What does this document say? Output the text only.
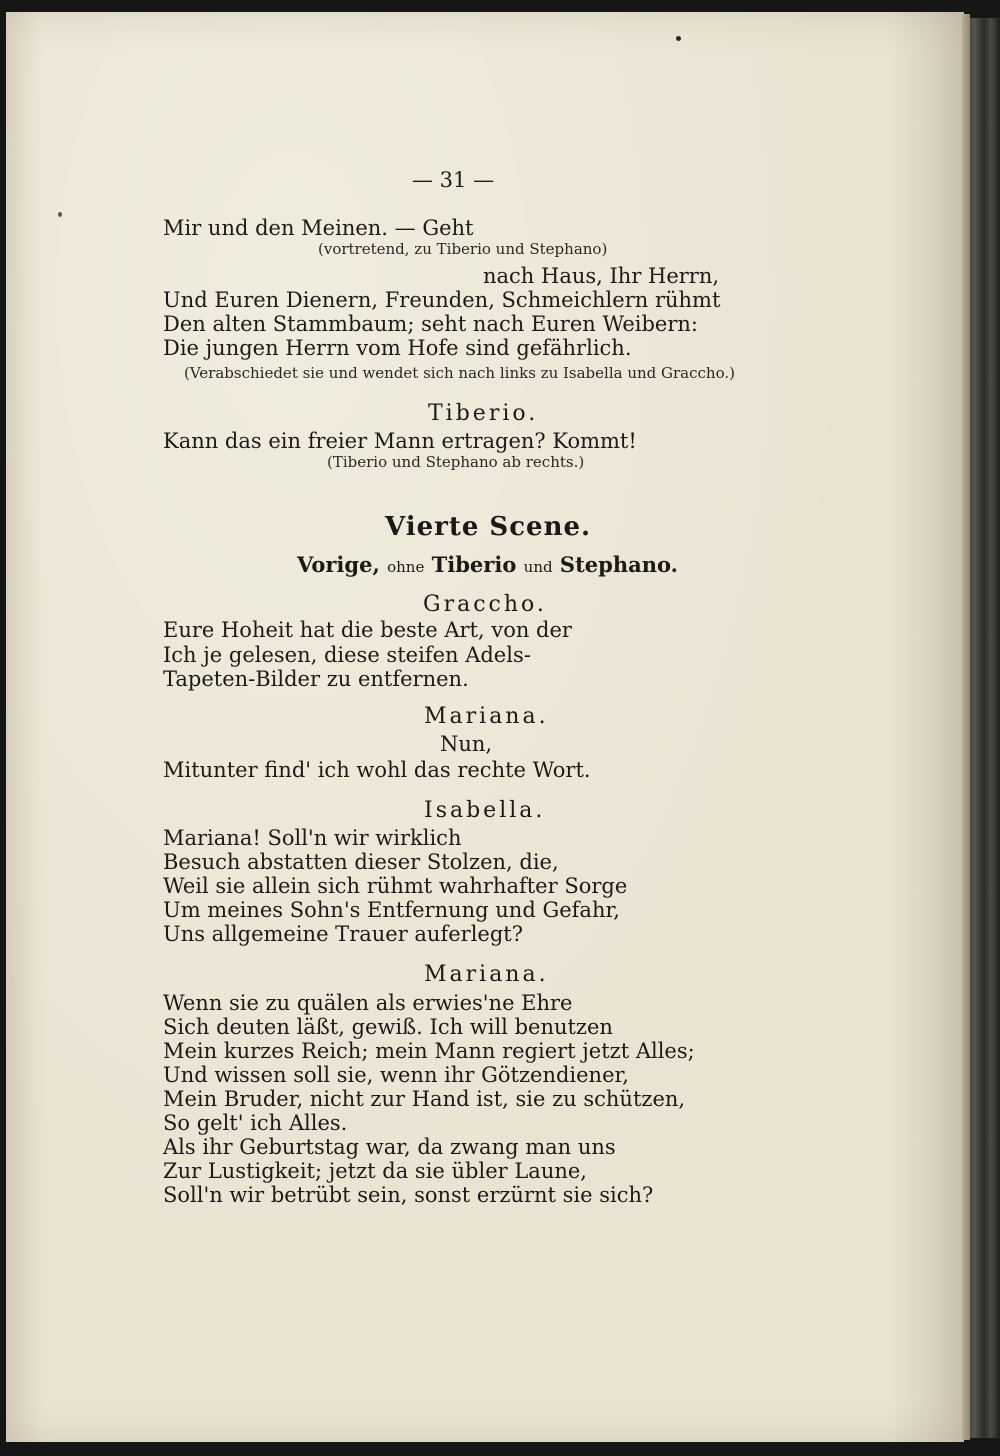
— 31 —
Mir und den Meinen. — Geht
(vortretend, zu Tiberio und Stephano)
nach Haus, Ihr Herrn,
Und Euren Dienern, Freunden, Schmeichlern rühmt
Den alten Stammbaum; seht nach Euren Weibern:
Die jungen Herrn vom Hofe sind gefährlich.
(Verabschiedet sie und wendet sich nach links zu Isabella und Graccho.)
Tiberio.
Kann das ein freier Mann ertragen? Kommt!
(Tiberio und Stephano ab rechts.)
Vierte Scene.
Vorige, ohne Tiberio und Stephano.
Graccho.
Eure Hoheit hat die beste Art, von der
Ich je gelesen, diese steifen Adels-
Tapeten-Bilder zu entfernen.
Mariana.
Nun,
Mitunter find' ich wohl das rechte Wort.
Isabella.
Mariana! Soll'n wir wirklich
Besuch abstatten dieser Stolzen, die,
Weil sie allein sich rühmt wahrhafter Sorge
Um meines Sohn's Entfernung und Gefahr,
Uns allgemeine Trauer auferlegt?
Mariana.
Wenn sie zu quälen als erwies'ne Ehre
Sich deuten läßt, gewiß. Ich will benutzen
Mein kurzes Reich; mein Mann regiert jetzt Alles;
Und wissen soll sie, wenn ihr Götzendiener,
Mein Bruder, nicht zur Hand ist, sie zu schützen,
So gelt' ich Alles.
Als ihr Geburtstag war, da zwang man uns
Zur Lustigkeit; jetzt da sie übler Laune,
Soll'n wir betrübt sein, sonst erzürnt sie sich?
